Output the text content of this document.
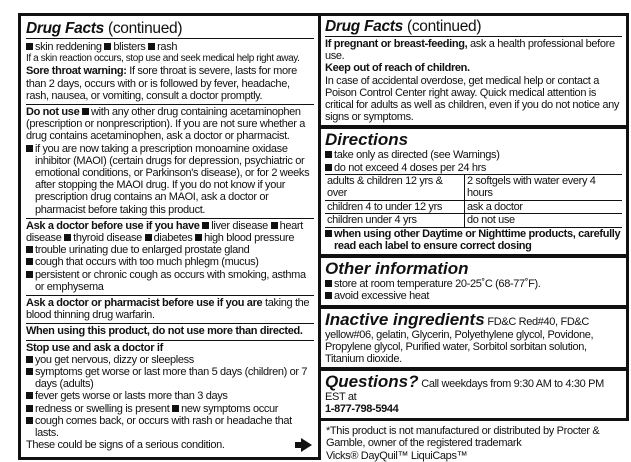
Drug Facts (continued)
skin reddening blisters rash
If a skin reaction occurs, stop use and seek medical help right away.
Sore throat warning: If sore throat is severe, lasts for more than 2 days, occurs with or is followed by fever, headache, rash, nausea, or vomiting, consult a doctor promptly.
Do not use with any other drug containing acetaminophen (prescription or nonprescription). If you are not sure whether a drug contains acetaminophen, ask a doctor or pharmacist.
if you are now taking a prescription monoamine oxidase inhibitor (MAOI) (certain drugs for depression, psychiatric or emotional conditions, or Parkinson's disease), or for 2 weeks after stopping the MAOI drug. If you do not know if your prescription drug contains an MAOI, ask a doctor or pharmacist before taking this product.
Ask a doctor before use if you have liver disease heart disease thyroid disease diabetes high blood pressure
trouble urinating due to enlarged prostate gland
cough that occurs with too much phlegm (mucus)
persistent or chronic cough as occurs with smoking, asthma or emphysema
Ask a doctor or pharmacist before use if you are taking the blood thinning drug warfarin.
When using this product, do not use more than directed.
Stop use and ask a doctor if
you get nervous, dizzy or sleepless
symptoms get worse or last more than 5 days (children) or 7 days (adults)
fever gets worse or lasts more than 3 days
redness or swelling is present new symptoms occur
cough comes back, or occurs with rash or headache that lasts.
These could be signs of a serious condition.
Drug Facts (continued)
If pregnant or breast-feeding, ask a health professional before use.
Keep out of reach of children.
In case of accidental overdose, get medical help or contact a Poison Control Center right away. Quick medical attention is critical for adults as well as children, even if you do not notice any signs or symptoms.
Directions
take only as directed (see Warnings)
do not exceed 4 doses per 24 hrs
adults & children 12 yrs & over	2 softgels with water every 4 hours
children 4 to under 12 yrs	ask a doctor
children under 4 yrs	do not use
when using other Daytime or Nighttime products, carefully read each label to ensure correct dosing
Other information
store at room temperature 20-25˚C (68-77˚F).
avoid excessive heat
Inactive ingredients FD&C Red#40, FD&C yellow#06, gelatin, Glycerin, Polyethylene glycol, Povidone, Propylene glycol, Purified water, Sorbitol sorbitan solution, Titanium dioxide.
Questions? Call weekdays from 9:30 AM to 4:30 PM EST at
1-877-798-5944
*This product is not manufactured or distributed by Procter & Gamble, owner of the registered trademark
Vicks® DayQuil™ LiquiCaps™
